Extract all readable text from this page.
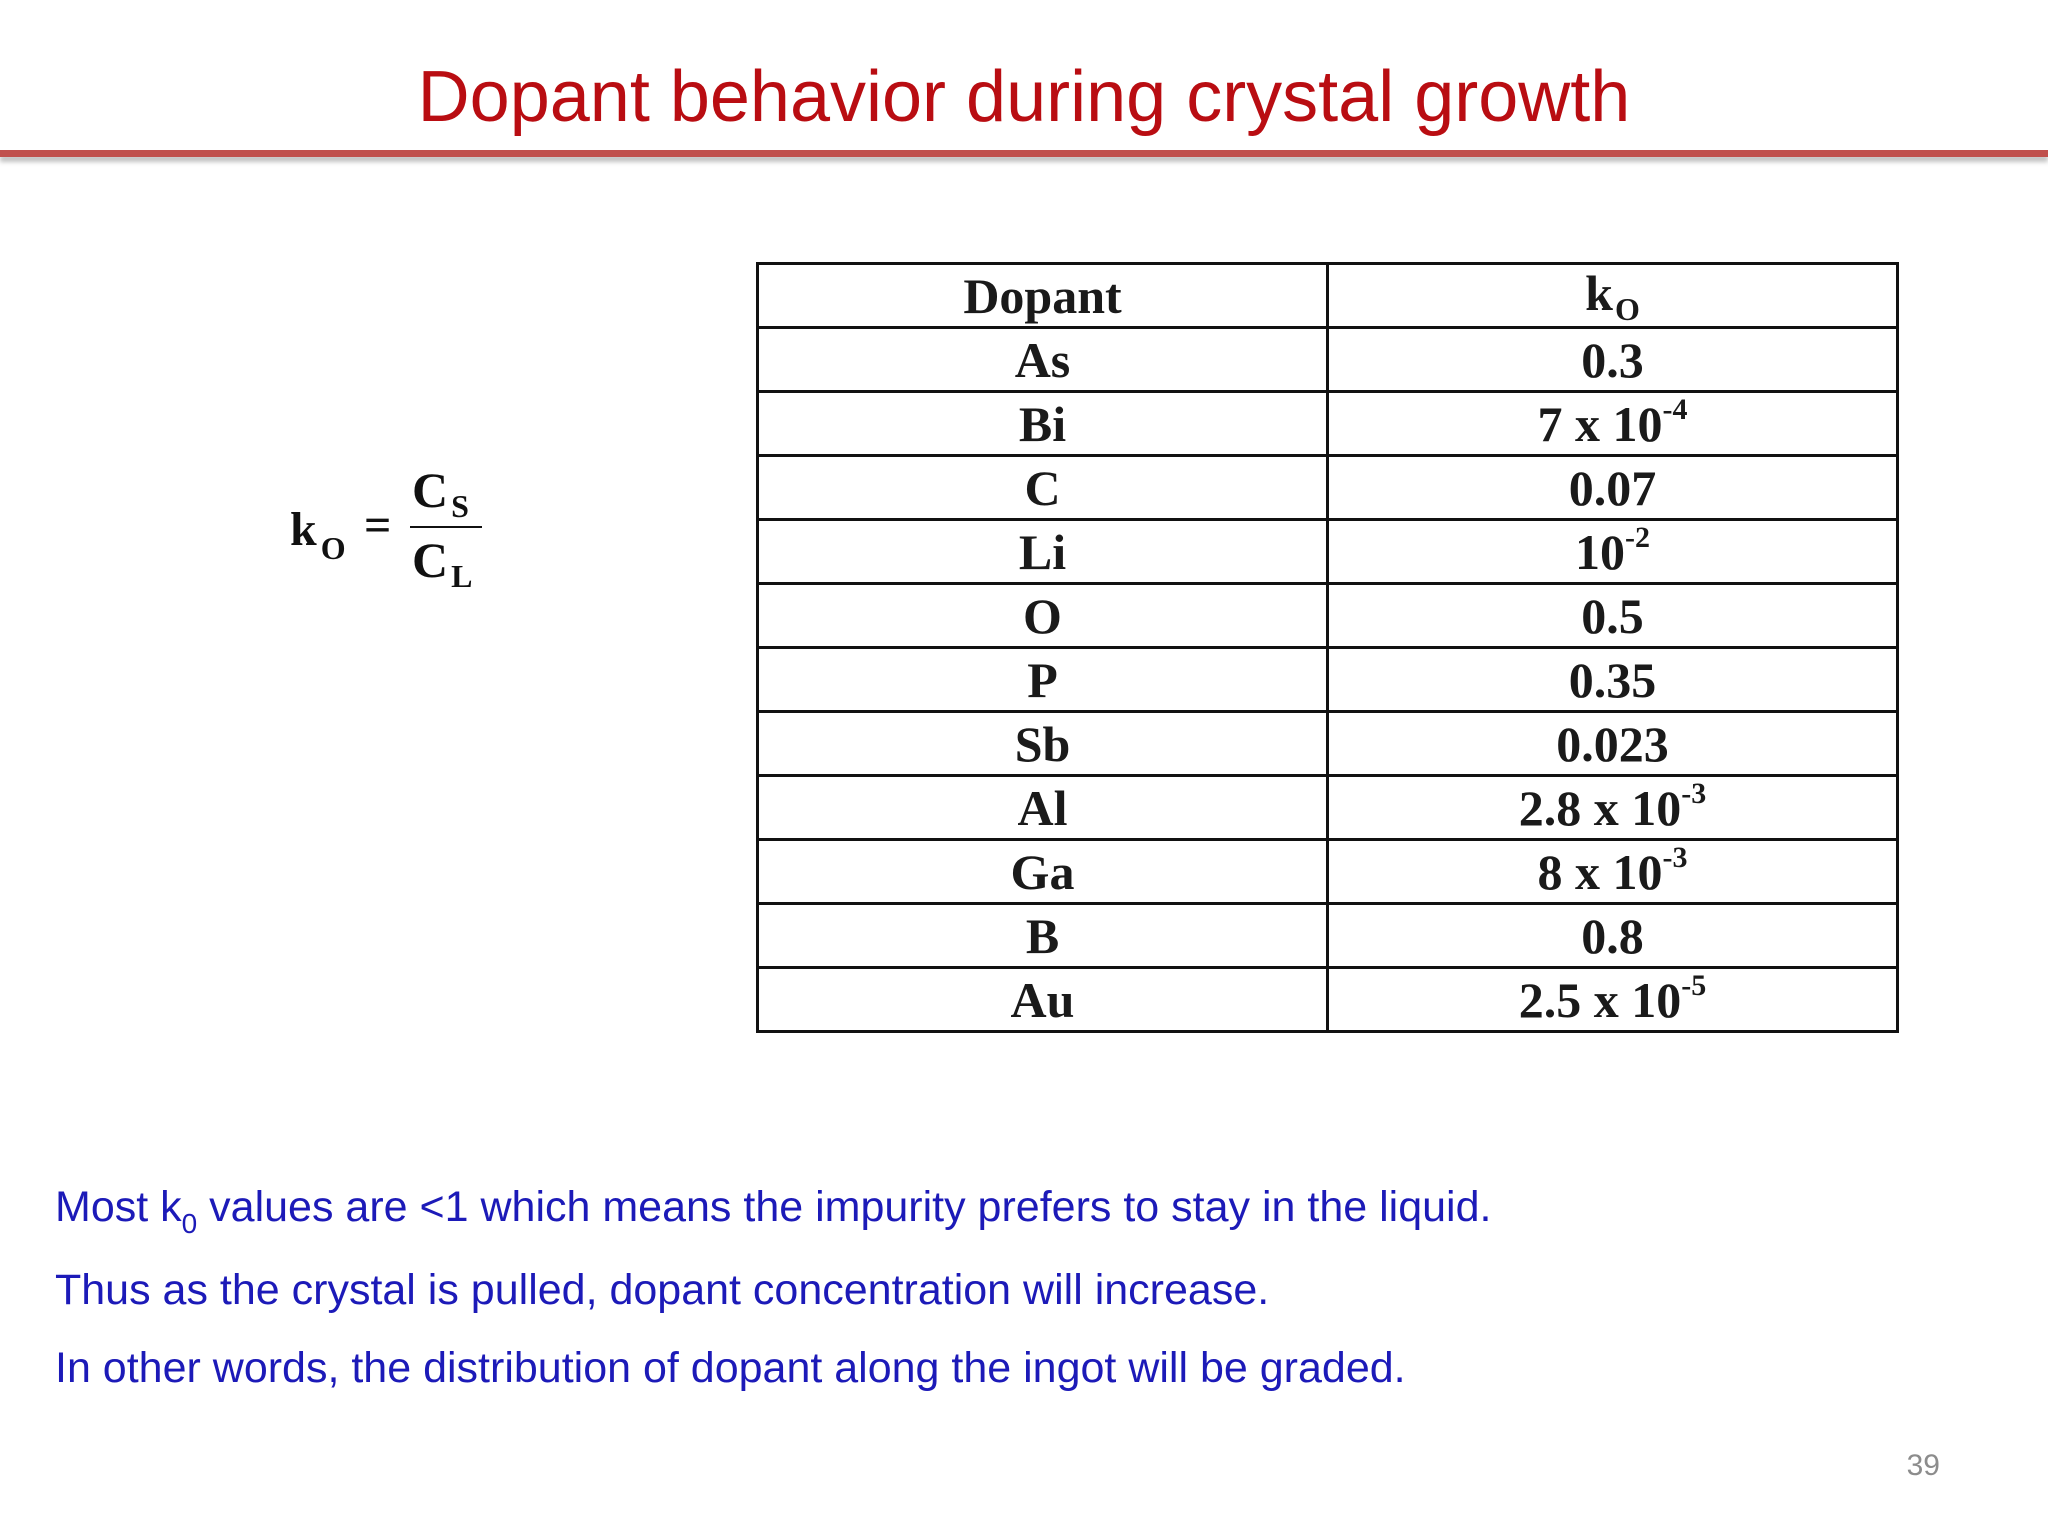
Dopant behavior during crystal growth
k $_O$ =
$C_S$
$C_L$
Dopant	$k_O$
As	0.3
Bi	7 x $10^{-4}$
C	0.07
Li	$10^{-2}$
O	0.5
P	0.35
Sb	0.023
Al	2.8 x $10^{-3}$
Ga	8 x $10^{-3}$
B	0.8
Au	2.5 x $10^{-5}$

Most $k_0$ values are <1 which means the impurity prefers to stay in the liquid.

Thus as the crystal is pulled, dopant concentration will increase.

In other words, the distribution of dopant along the ingot will be graded.

39
